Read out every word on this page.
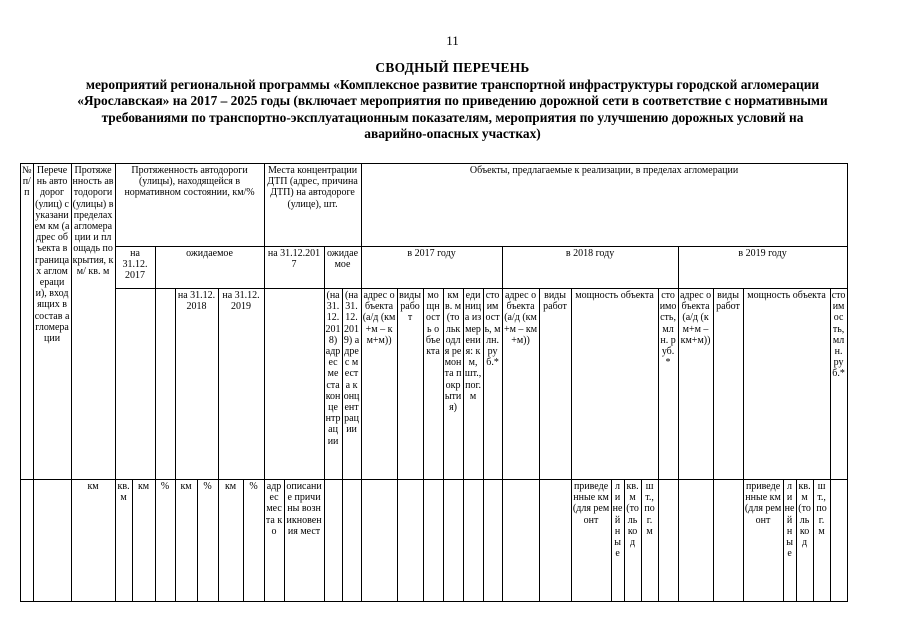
11
СВОДНЫЙ ПЕРЕЧЕНЬ
мероприятий региональной программы «Комплексное развитие транспортной инфраструктуры городской агломерации
«Ярославская» на 2017 – 2025 годы (включает мероприятия по приведению дорожной сети в соответствие с нормативными
требованиями по транспортно-эксплуатационным показателям, мероприятия по улучшению дорожных условий на
аварийно-опасных участках)
№
п/п	Перечень автодорог (улиц) с указанием км (адрес объекта в границах агломерации), входящих в состав агломерации	Протяженность автодороги (улицы) в пределах агломерации и площадь покрытия, км/ кв. м	Протяженность автодороги (улицы), находящейся в нормативном состоянии, км/%							Места концентрации ДТП (адрес, причина ДТП) на автодороге (улице), шт.				Объекты, предлагаемые к реализации, в пределах агломерации																			
			на 31.12. 2017		ожидаемое					на 31.12.2017		ожидаемое		в 2017 году						в 2018 году							в 2019 году						
						на 31.12. 2018		на 31.12. 2019				(на 31.12.2018) адрес места концентрации	(на 31.12.2019) адрес места концентрации	адрес объекта (а/д (км+м – км+м))	виды работ	мощность объекта	км в. м (толькодля ремонта покрытия)	единица измерения: км, шт., пог. м	стоимость, млн. руб.*	адрес объекта (а/д (км+м – км+м))	виды работ	мощность объекта				стоимость, млн. руб.*	адрес объекта (а/д (км+м – км+м))	виды работ	мощность объекта				стоимость, млн. руб.*
		км	кв. м	км	%	км	%	км	%	адрес места ко	описание причины возникновения мест											приведенные км (для ремонт	линейные	кв. м (только д	шт., пог. м				приведенные км (для ремонт	линейные	кв. м (только д	шт., пог. м	
